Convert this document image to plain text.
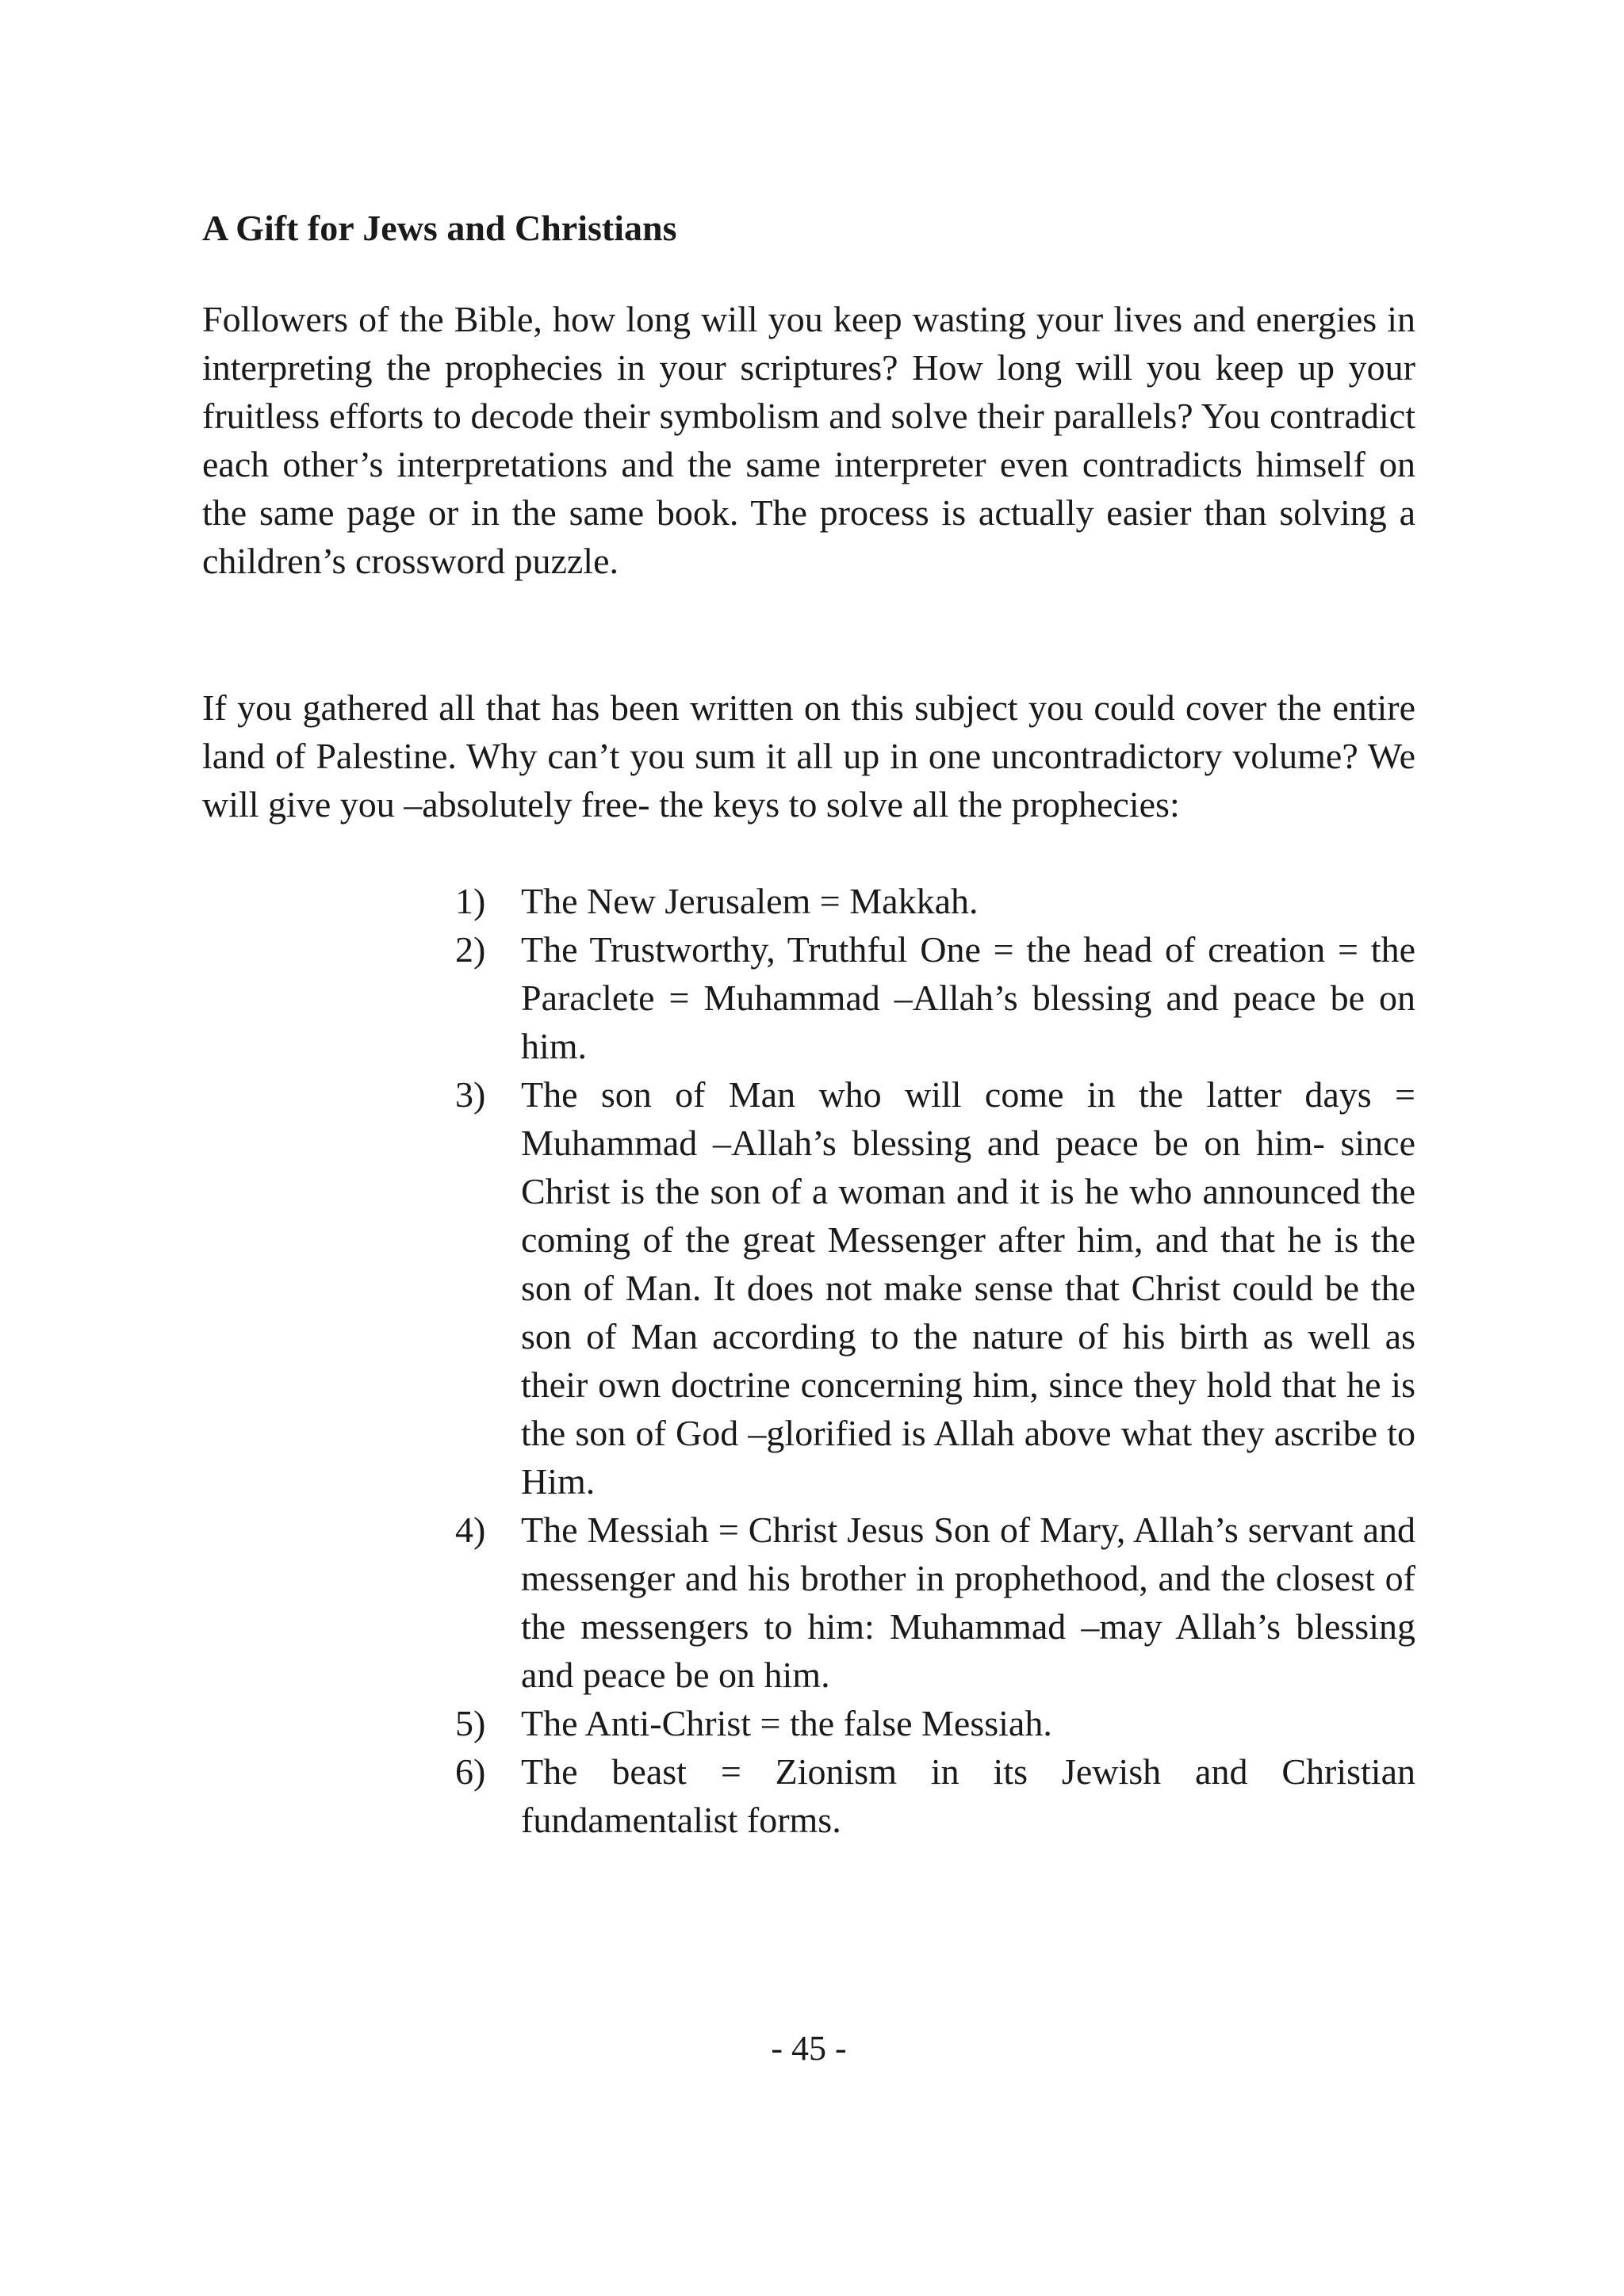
A Gift for Jews and Christians

Followers of the Bible, how long will you keep wasting your lives and energies in interpreting the prophecies in your scriptures? How long will you keep up your fruitless efforts to decode their symbolism and solve their parallels? You contradict each other’s interpretations and the same interpreter even contradicts himself on the same page or in the same book. The process is actually easier than solving a children’s crossword puzzle.

If you gathered all that has been written on this subject you could cover the entire land of Palestine. Why can’t you sum it all up in one uncontradictory volume? We will give you –absolutely free- the keys to solve all the prophecies:

1) The New Jerusalem = Makkah.
2) The Trustworthy, Truthful One = the head of creation = the Paraclete = Muhammad –Allah’s blessing and peace be on him.
3) The son of Man who will come in the latter days = Muhammad –Allah’s blessing and peace be on him- since Christ is the son of a woman and it is he who announced the coming of the great Messenger after him, and that he is the son of Man. It does not make sense that Christ could be the son of Man according to the nature of his birth as well as their own doctrine concerning him, since they hold that he is the son of God –glorified is Allah above what they ascribe to Him.
4) The Messiah = Christ Jesus Son of Mary, Allah’s servant and messenger and his brother in prophethood, and the closest of the messengers to him: Muhammad –may Allah’s blessing and peace be on him.
5) The Anti-Christ = the false Messiah.
6) The beast = Zionism in its Jewish and Christian fundamentalist forms.
- 45 -
